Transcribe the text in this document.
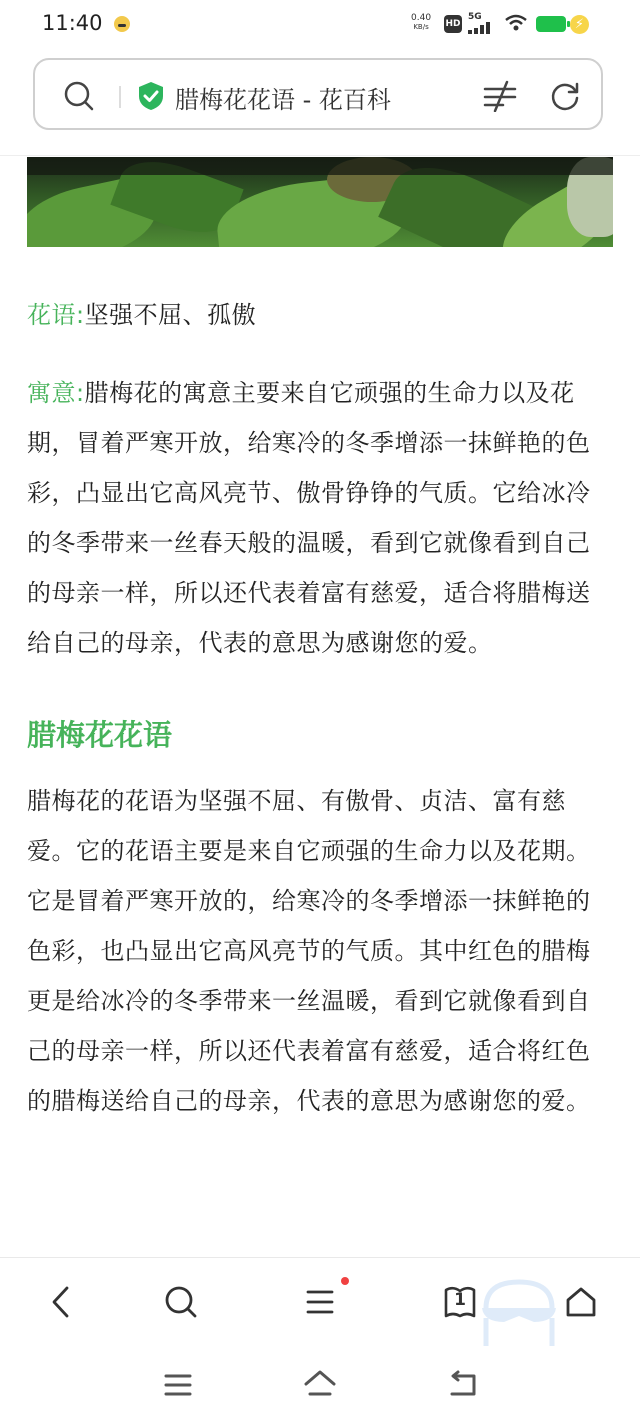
11:40	0.40
KB/s HD
5G	⚡
腊梅花花语 - 花百科

花语:坚强不屈、孤傲

寓意:腊梅花的寓意主要来自它顽强的生命力以及花期，冒着严寒开放，给寒冷的冬季增添一抹鲜艳的色彩，凸显出它高风亮节、傲骨铮铮的气质。它给冰冷的冬季带来一丝春天般的温暖，看到它就像看到自己的母亲一样，所以还代表着富有慈爱，适合将腊梅送给自己的母亲，代表的意思为感谢您的爱。

腊梅花花语

腊梅花的花语为坚强不屈、有傲骨、贞洁、富有慈爱。它的花语主要是来自它顽强的生命力以及花期。它是冒着严寒开放的，给寒冷的冬季增添一抹鲜艳的色彩，也凸显出它高风亮节的气质。其中红色的腊梅更是给冰冷的冬季带来一丝温暖，看到它就像看到自己的母亲一样，所以还代表着富有慈爱，适合将红色的腊梅送给自己的母亲，代表的意思为感谢您的爱。

1
